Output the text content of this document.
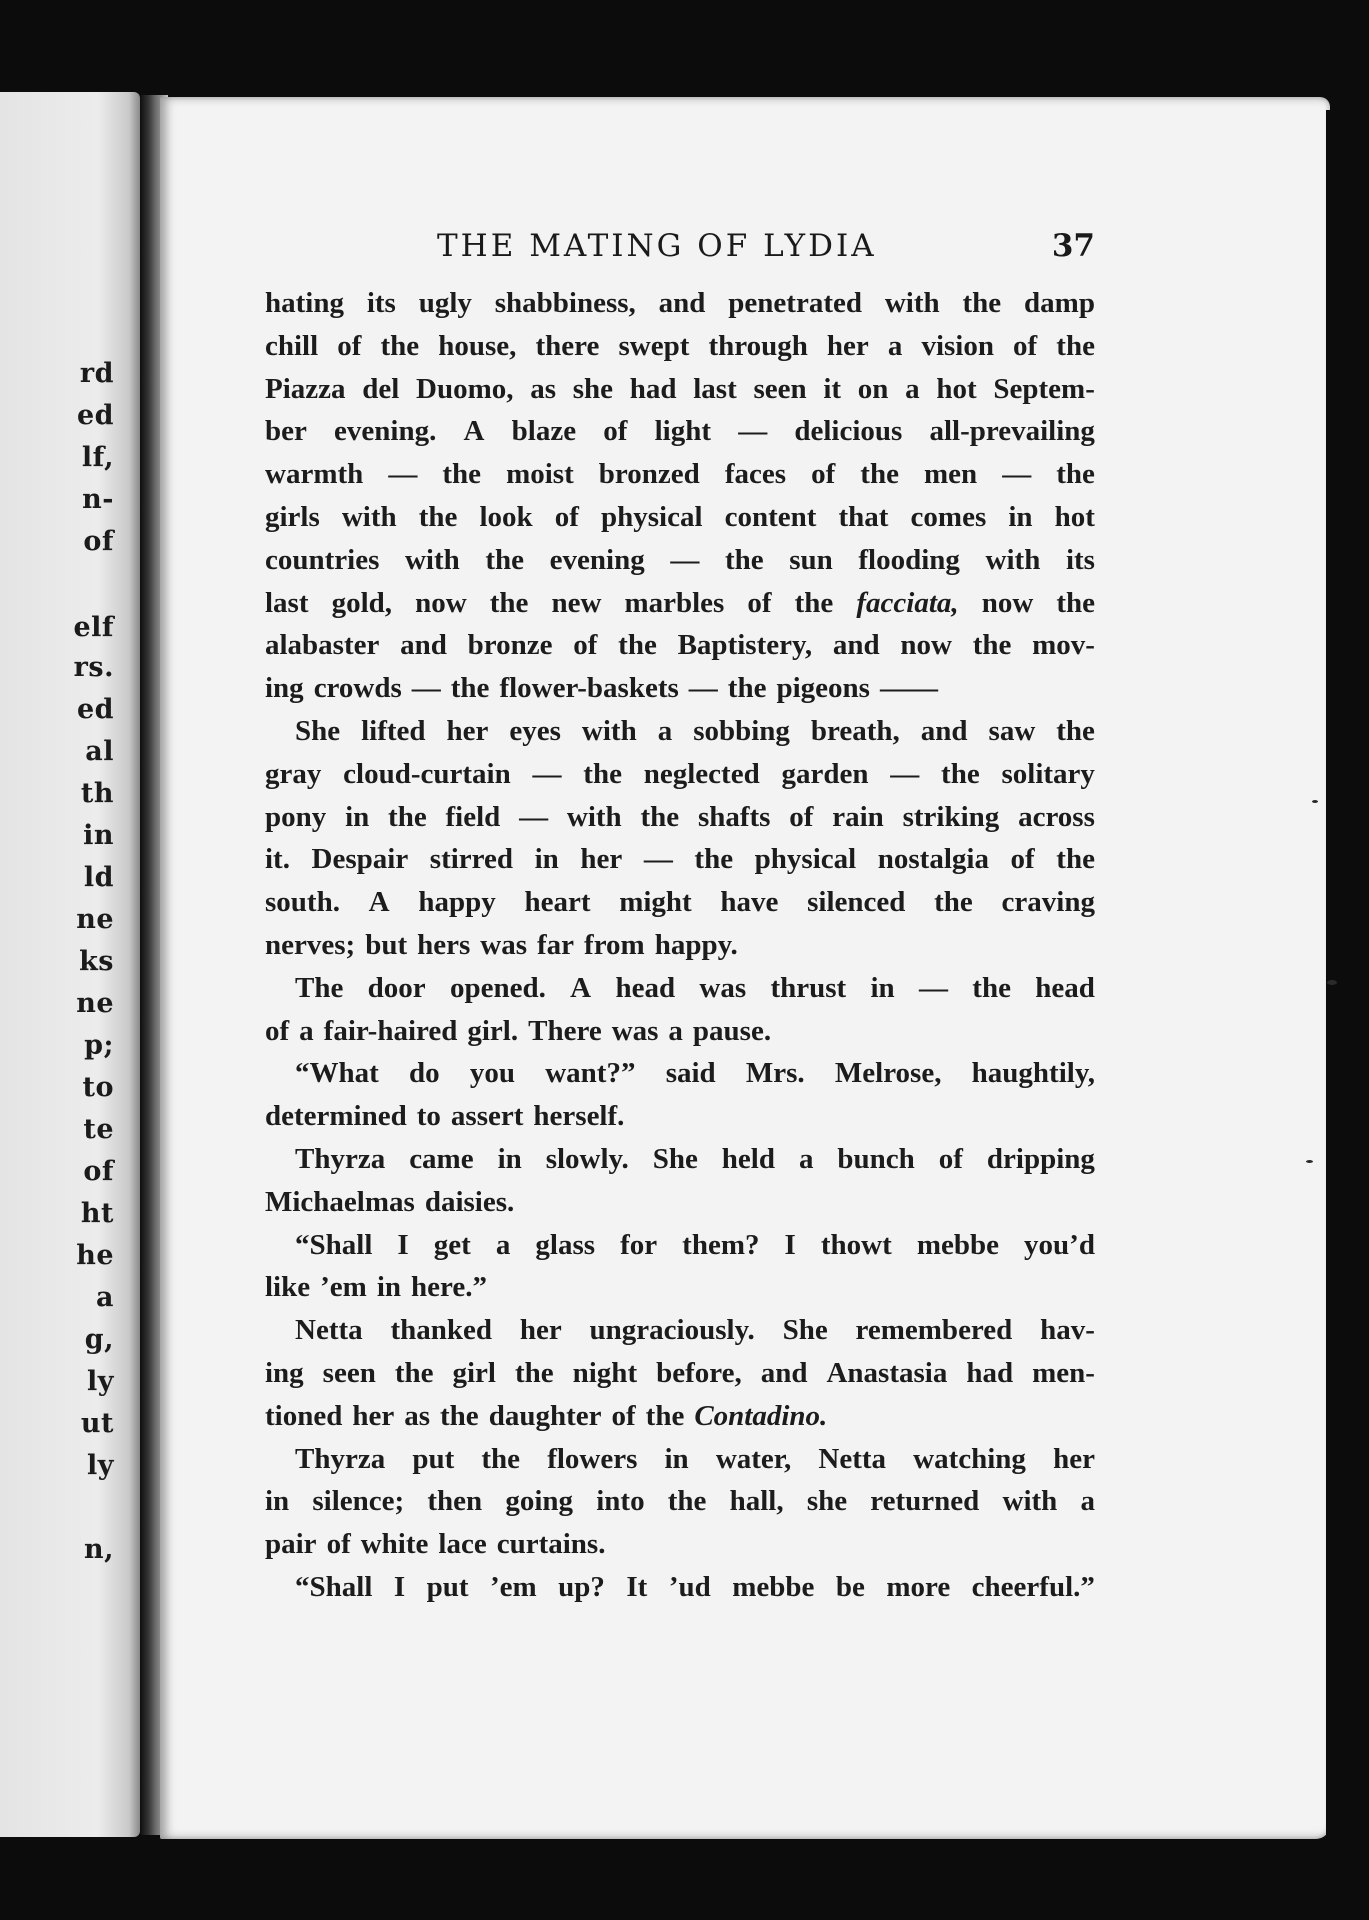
rd
ed
lf,
n-
of
elf
rs.
ed
al
th
in
ld
ne
ks
ne
p;
to
te
of
ht
he
a
g,
ly
ut
ly
n,
THE MATING OF LYDIA	37
hating its ugly shabbiness, and penetrated with the damp
chill of the house, there swept through her a vision of the
Piazza del Duomo, as she had last seen it on a hot Septem-
ber evening. A blaze of light — delicious all-prevailing
warmth — the moist bronzed faces of the men — the
girls with the look of physical content that comes in hot
countries with the evening — the sun flooding with its
last gold, now the new marbles of the facciata, now the
alabaster and bronze of the Baptistery, and now the mov-
ing crowds — the flower-baskets — the pigeons ——
She lifted her eyes with a sobbing breath, and saw the
gray cloud-curtain — the neglected garden — the solitary
pony in the field — with the shafts of rain striking across
it. Despair stirred in her — the physical nostalgia of the
south. A happy heart might have silenced the craving
nerves; but hers was far from happy.
The door opened. A head was thrust in — the head
of a fair-haired girl. There was a pause.
“What do you want?” said Mrs. Melrose, haughtily,
determined to assert herself.
Thyrza came in slowly. She held a bunch of dripping
Michaelmas daisies.
“Shall I get a glass for them? I thowt mebbe you’d
like ’em in here.”
Netta thanked her ungraciously. She remembered hav-
ing seen the girl the night before, and Anastasia had men-
tioned her as the daughter of the Contadino.
Thyrza put the flowers in water, Netta watching her
in silence; then going into the hall, she returned with a
pair of white lace curtains.
“Shall I put ’em up? It ’ud mebbe be more cheerful.”
